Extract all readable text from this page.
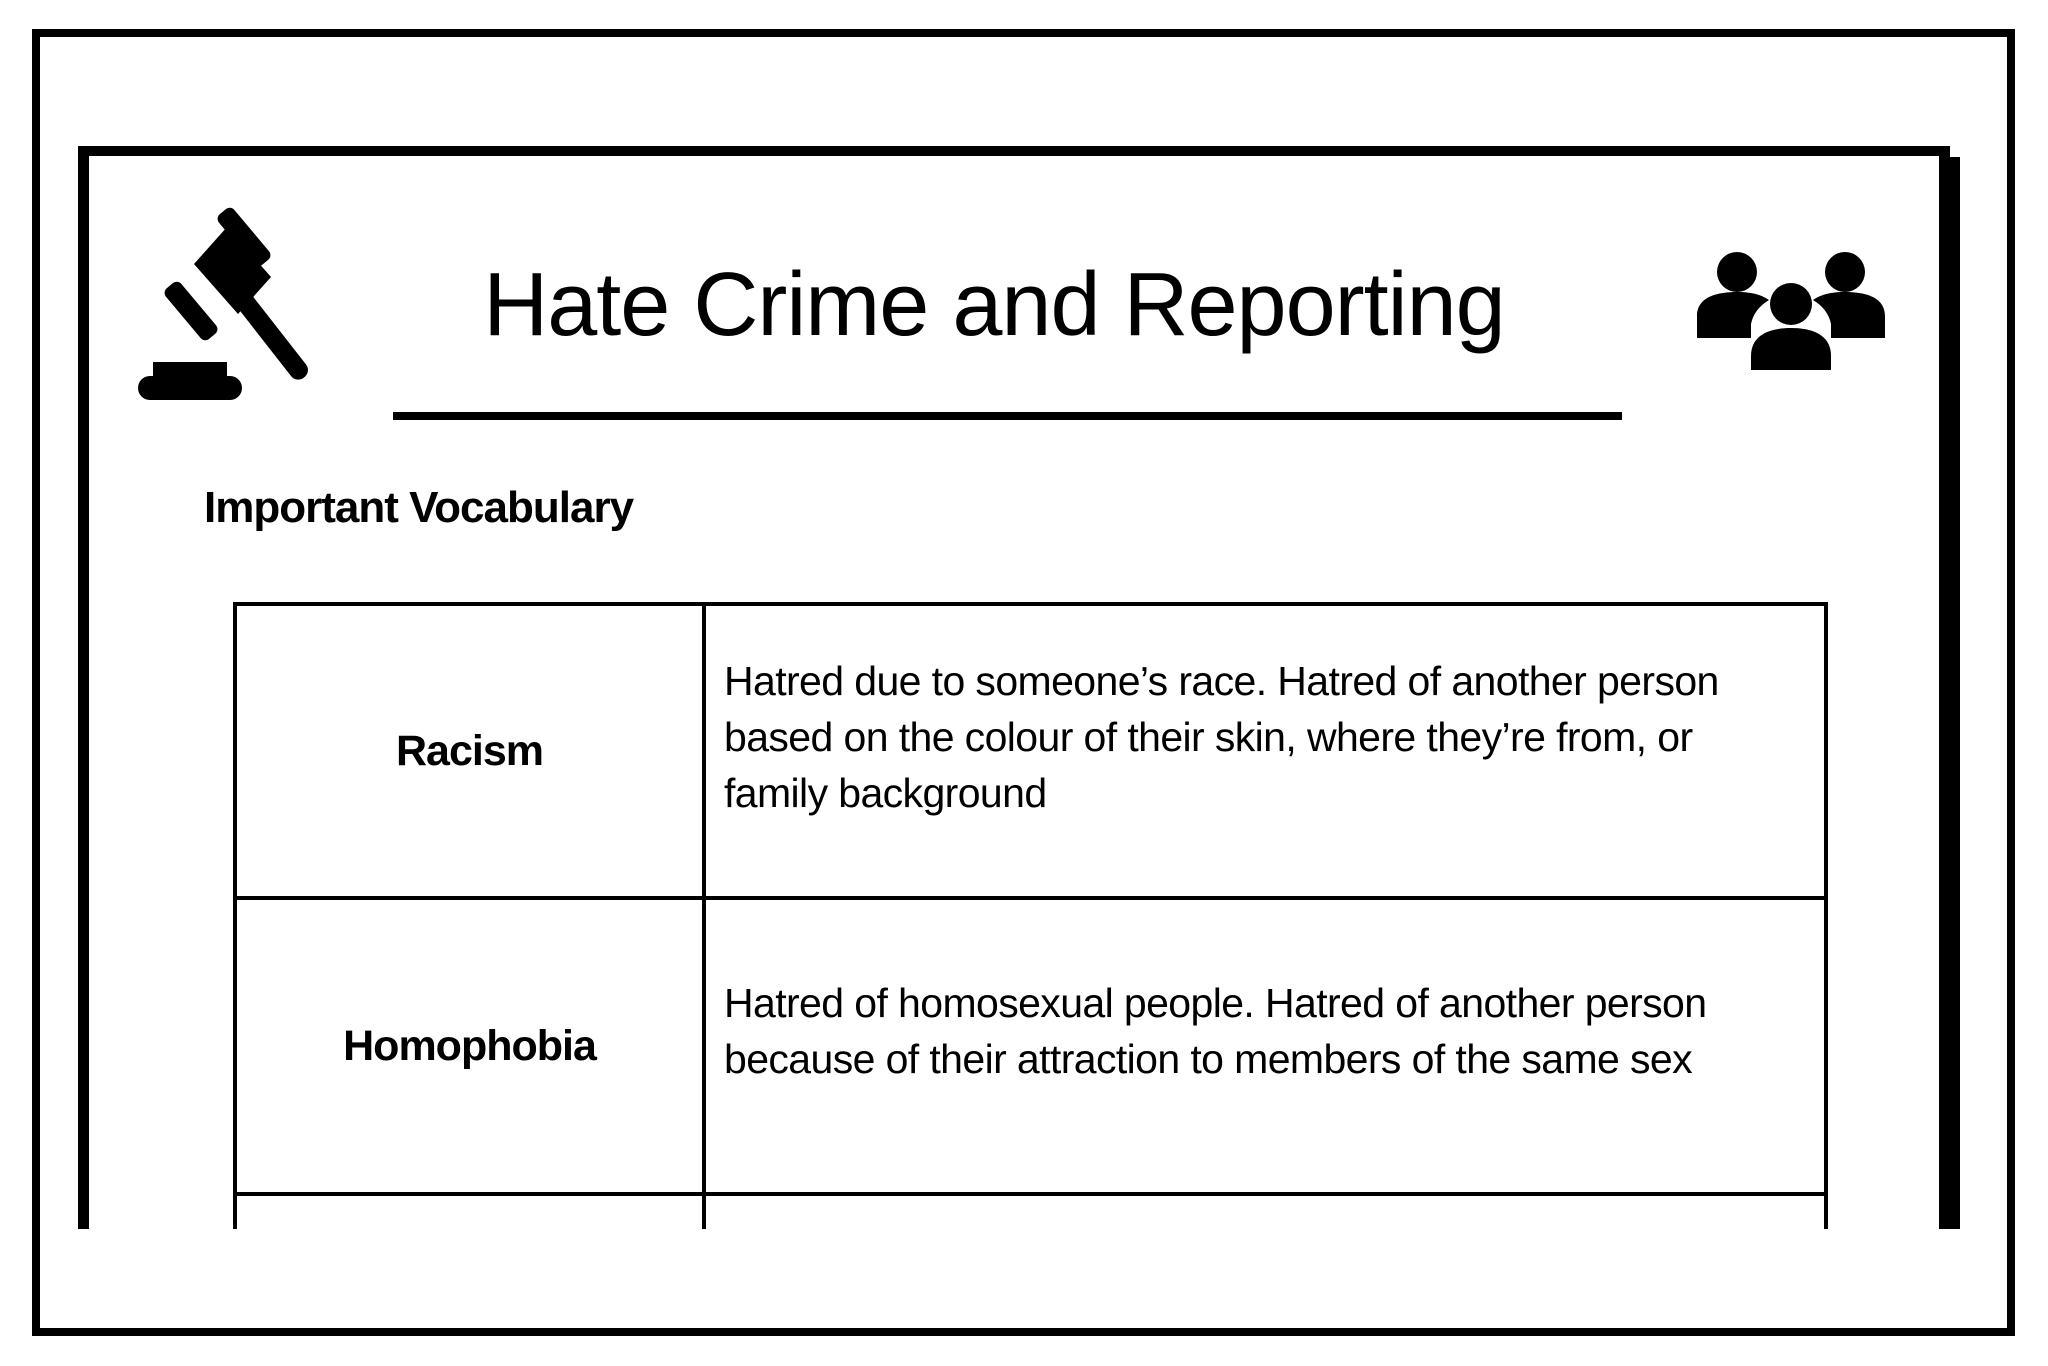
Hate Crime and Reporting
Important Vocabulary
Racism	Hatred due to someone’s race. Hatred of another person based on the colour of their skin, where they’re from, or family background

Homophobia	Hatred of homosexual people. Hatred of another person because of their attraction to members of the same sex
